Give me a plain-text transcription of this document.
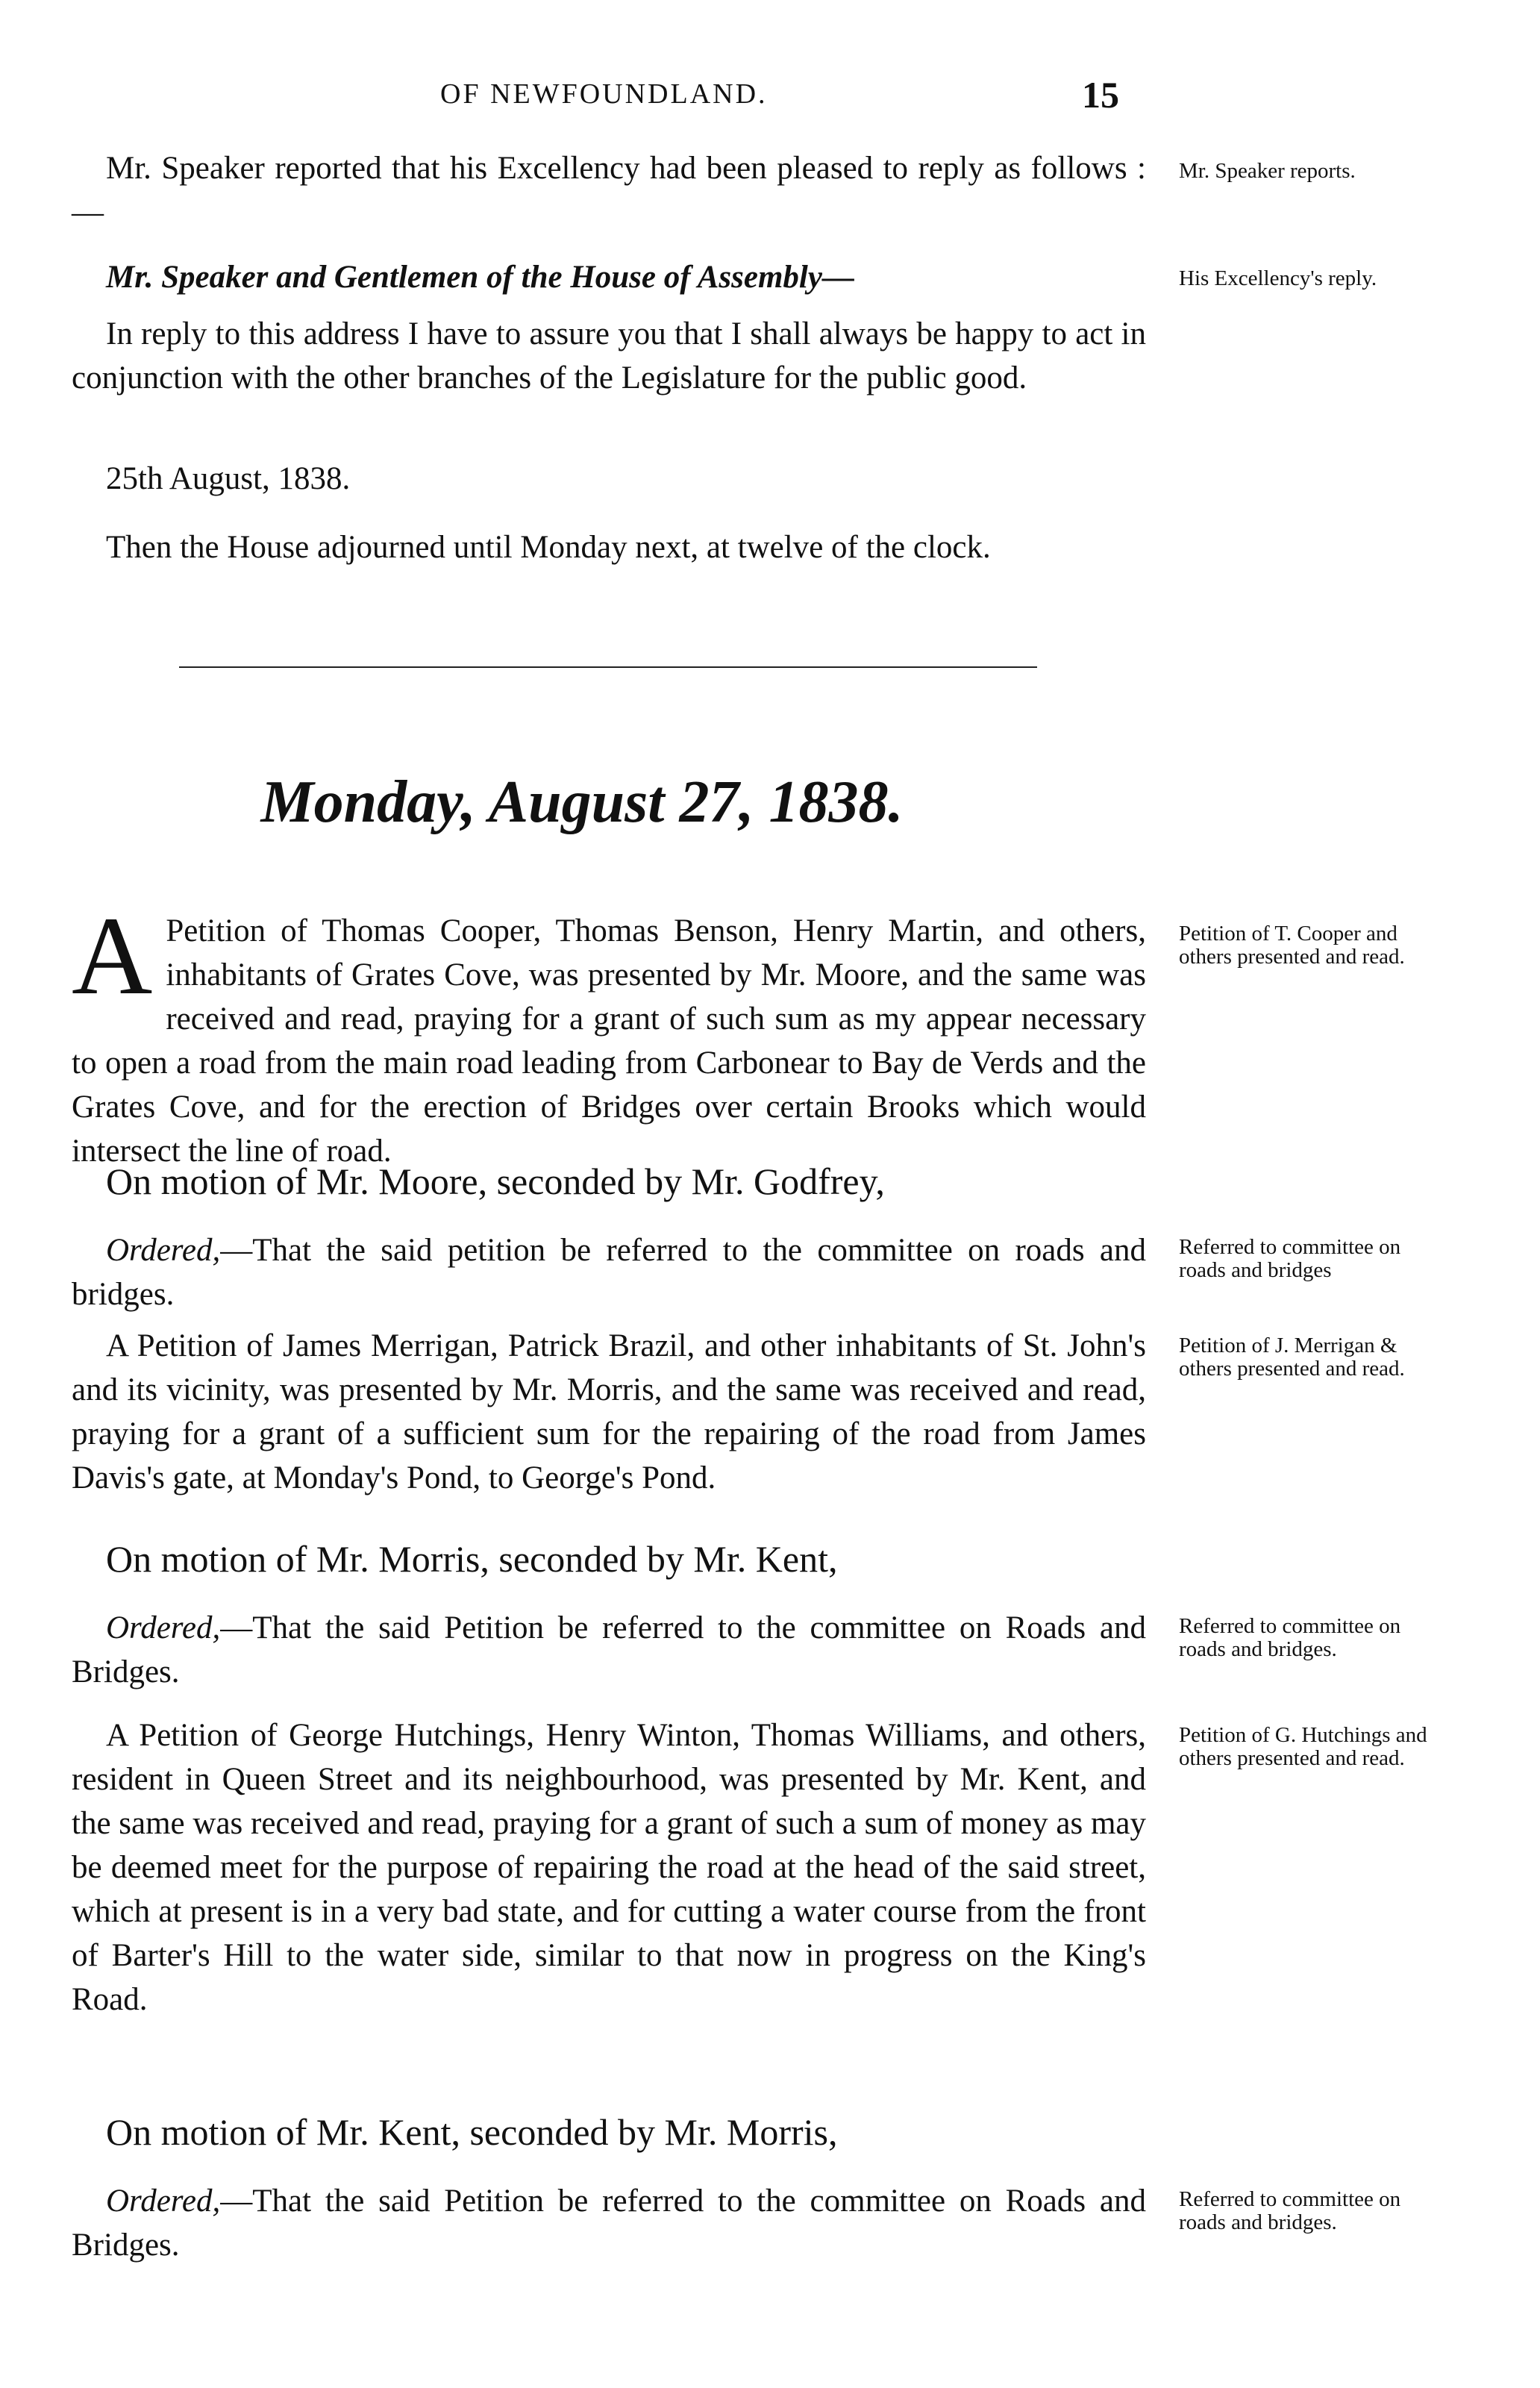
OF NEWFOUNDLAND.	15

Mr. Speaker reported that his Excellency had been pleased to reply as follows :—

Mr. Speaker and Gentlemen of the House of Assembly—

In reply to this address I have to assure you that I shall always be happy to act in conjunction with the other branches of the Legislature for the public good.

25th August, 1838.

Then the House adjourned until Monday next, at twelve of the clock.

Monday, August 27, 1838.

A Petition of Thomas Cooper, Thomas Benson, Henry Martin, and others, inhabitants of Grates Cove, was presented by Mr. Moore, and the same was received and read, praying for a grant of such sum as my appear necessary to open a road from the main road leading from Carbonear to Bay de Verds and the Grates Cove, and for the erection of Bridges over certain Brooks which would intersect the line of road.

On motion of Mr. Moore, seconded by Mr. Godfrey,

Ordered,—That the said petition be referred to the committee on roads and bridges.

A Petition of James Merrigan, Patrick Brazil, and other inhabitants of St. John's and its vicinity, was presented by Mr. Morris, and the same was received and read, praying for a grant of a sufficient sum for the repairing of the road from James Davis's gate, at Monday's Pond, to George's Pond.

On motion of Mr. Morris, seconded by Mr. Kent,

Ordered,—That the said Petition be referred to the committee on Roads and Bridges.

A Petition of George Hutchings, Henry Winton, Thomas Williams, and others, resident in Queen Street and its neighbourhood, was presented by Mr. Kent, and the same was received and read, praying for a grant of such a sum of money as may be deemed meet for the purpose of repairing the road at the head of the said street, which at present is in a very bad state, and for cutting a water course from the front of Barter's Hill to the water side, similar to that now in progress on the King's Road.

On motion of Mr. Kent, seconded by Mr. Morris,

Ordered,—That the said Petition be referred to the committee on Roads and Bridges.

Mr. Speaker reports.
His Excellency's reply.
Petition of T. Cooper and others presented and read.
Referred to committee on roads and bridges
Petition of J. Merrigan & others presented and read.
Referred to committee on roads and bridges.
Petition of G. Hutchings and others presented and read.
Referred to committee on roads and bridges.
